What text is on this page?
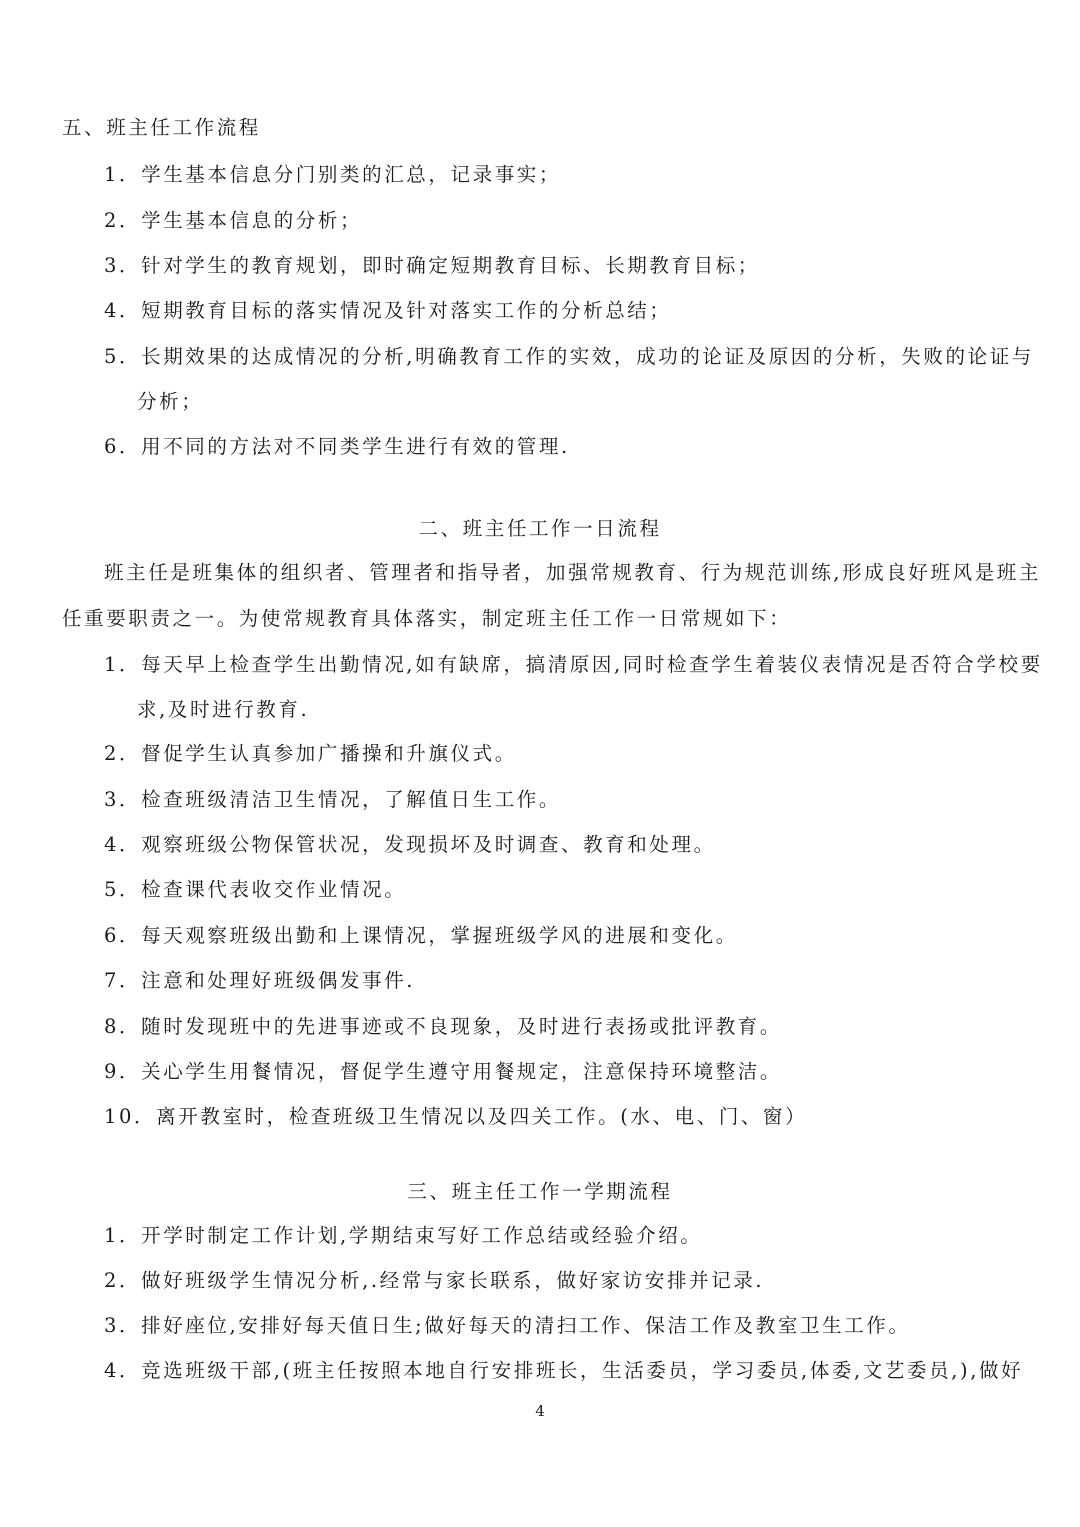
五、班主任工作流程
1．学生基本信息分门别类的汇总，记录事实；
2．学生基本信息的分析；
3．针对学生的教育规划，即时确定短期教育目标、长期教育目标；
4．短期教育目标的落实情况及针对落实工作的分析总结；
5．长期效果的达成情况的分析,明确教育工作的实效，成功的论证及原因的分析，失败的论证与
分析；
6．用不同的方法对不同类学生进行有效的管理.
二、班主任工作一日流程
班主任是班集体的组织者、管理者和指导者，加强常规教育、行为规范训练,形成良好班风是班主
任重要职责之一。为使常规教育具体落实，制定班主任工作一日常规如下：
1．每天早上检查学生出勤情况,如有缺席，搞清原因,同时检查学生着装仪表情况是否符合学校要
求,及时进行教育.
2．督促学生认真参加广播操和升旗仪式。
3．检查班级清洁卫生情况，了解值日生工作。
4．观察班级公物保管状况，发现损坏及时调查、教育和处理。
5．检查课代表收交作业情况。
6．每天观察班级出勤和上课情况，掌握班级学风的进展和变化。
7．注意和处理好班级偶发事件.
8．随时发现班中的先进事迹或不良现象，及时进行表扬或批评教育。
9．关心学生用餐情况，督促学生遵守用餐规定，注意保持环境整洁。
10．离开教室时，检查班级卫生情况以及四关工作。(水、电、门、窗）
三、班主任工作一学期流程
1．开学时制定工作计划,学期结束写好工作总结或经验介绍。
2．做好班级学生情况分析,.经常与家长联系，做好家访安排并记录.
3．排好座位,安排好每天值日生;做好每天的清扫工作、保洁工作及教室卫生工作。
4．竞选班级干部,(班主任按照本地自行安排班长，生活委员，学习委员,体委,文艺委员,),做好
4
